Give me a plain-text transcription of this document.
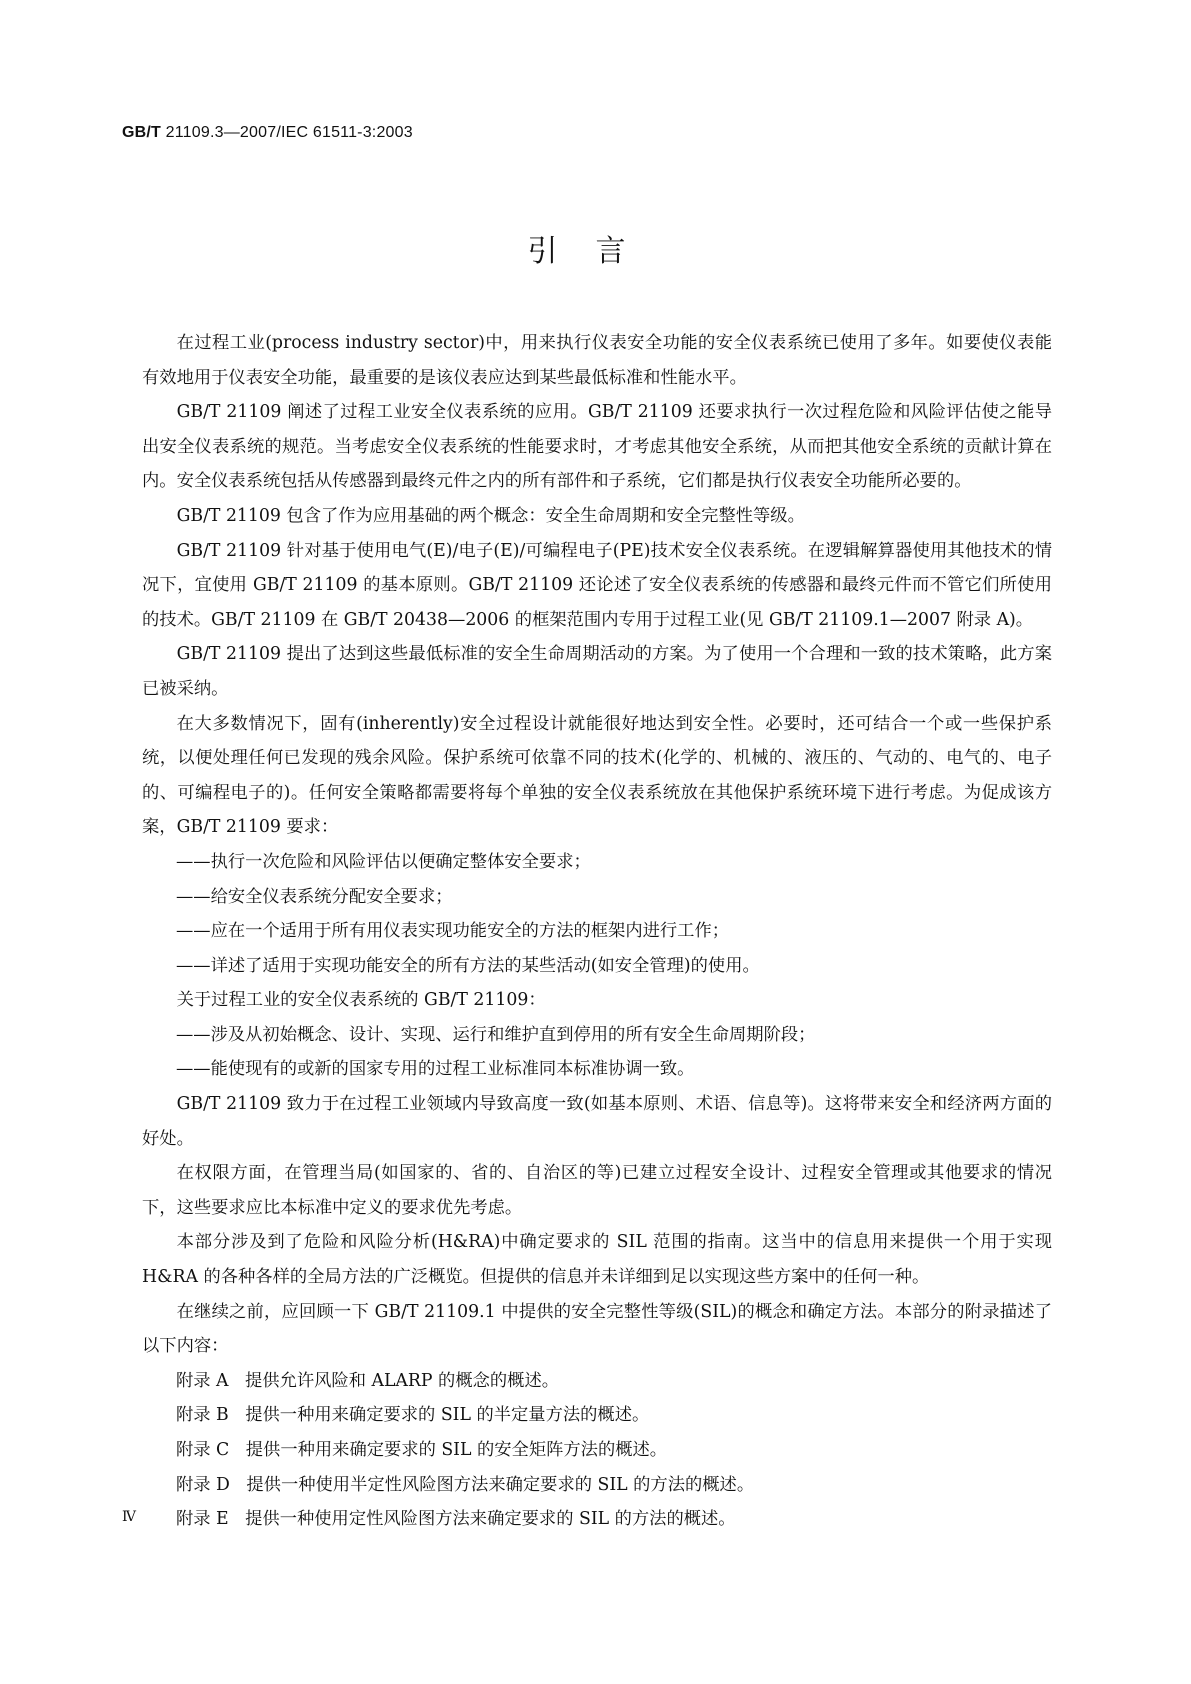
GB/T 21109.3—2007/IEC 61511-3:2003
引言

在过程工业(process industry sector)中，用来执行仪表安全功能的安全仪表系统已使用了多年。如要使仪表能有效地用于仪表安全功能，最重要的是该仪表应达到某些最低标准和性能水平。

GB/T 21109 阐述了过程工业安全仪表系统的应用。GB/T 21109 还要求执行一次过程危险和风险评估使之能导出安全仪表系统的规范。当考虑安全仪表系统的性能要求时，才考虑其他安全系统，从而把其他安全系统的贡献计算在内。安全仪表系统包括从传感器到最终元件之内的所有部件和子系统，它们都是执行仪表安全功能所必要的。

GB/T 21109 包含了作为应用基础的两个概念：安全生命周期和安全完整性等级。

GB/T 21109 针对基于使用电气(E)/电子(E)/可编程电子(PE)技术安全仪表系统。在逻辑解算器使用其他技术的情况下，宜使用 GB/T 21109 的基本原则。GB/T 21109 还论述了安全仪表系统的传感器和最终元件而不管它们所使用的技术。GB/T 21109 在 GB/T 20438—2006 的框架范围内专用于过程工业(见 GB/T 21109.1—2007 附录 A)。

GB/T 21109 提出了达到这些最低标准的安全生命周期活动的方案。为了使用一个合理和一致的技术策略，此方案已被采纳。

在大多数情况下，固有(inherently)安全过程设计就能很好地达到安全性。必要时，还可结合一个或一些保护系统，以便处理任何已发现的残余风险。保护系统可依靠不同的技术(化学的、机械的、液压的、气动的、电气的、电子的、可编程电子的)。任何安全策略都需要将每个单独的安全仪表系统放在其他保护系统环境下进行考虑。为促成该方案，GB/T 21109 要求：

——执行一次危险和风险评估以便确定整体安全要求；
——给安全仪表系统分配安全要求；
——应在一个适用于所有用仪表实现功能安全的方法的框架内进行工作；
——详述了适用于实现功能安全的所有方法的某些活动(如安全管理)的使用。

关于过程工业的安全仪表系统的 GB/T 21109：

——涉及从初始概念、设计、实现、运行和维护直到停用的所有安全生命周期阶段；
——能使现有的或新的国家专用的过程工业标准同本标准协调一致。

GB/T 21109 致力于在过程工业领域内导致高度一致(如基本原则、术语、信息等)。这将带来安全和经济两方面的好处。

在权限方面，在管理当局(如国家的、省的、自治区的等)已建立过程安全设计、过程安全管理或其他要求的情况下，这些要求应比本标准中定义的要求优先考虑。

本部分涉及到了危险和风险分析(H&RA)中确定要求的 SIL 范围的指南。这当中的信息用来提供一个用于实现 H&RA 的各种各样的全局方法的广泛概览。但提供的信息并未详细到足以实现这些方案中的任何一种。

在继续之前，应回顾一下 GB/T 21109.1 中提供的安全完整性等级(SIL)的概念和确定方法。本部分的附录描述了以下内容：

附录 A   提供允许风险和 ALARP 的概念的概述。
附录 B   提供一种用来确定要求的 SIL 的半定量方法的概述。
附录 C   提供一种用来确定要求的 SIL 的安全矩阵方法的概述。
附录 D   提供一种使用半定性风险图方法来确定要求的 SIL 的方法的概述。
附录 E   提供一种使用定性风险图方法来确定要求的 SIL 的方法的概述。
Ⅳ
